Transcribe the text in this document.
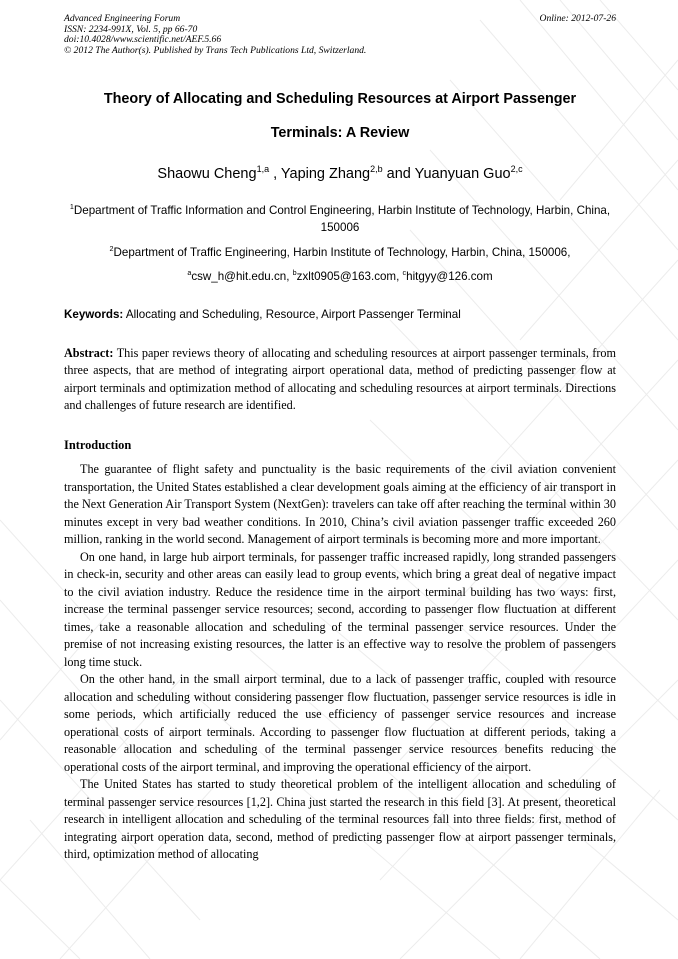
Advanced Engineering Forum
ISSN: 2234-991X, Vol. 5, pp 66-70
doi:10.4028/www.scientific.net/AEF.5.66
© 2012 The Author(s). Published by Trans Tech Publications Ltd, Switzerland.
Online: 2012-07-26
Theory of Allocating and Scheduling Resources at Airport Passenger
Terminals: A Review
Shaowu Cheng$^{1,a}$ , Yaping Zhang$^{2,b}$ and Yuanyuan Guo$^{2,c}$
$^1$Department of Traffic Information and Control Engineering, Harbin Institute of Technology, Harbin, China, 150006
$^2$Department of Traffic Engineering, Harbin Institute of Technology, Harbin, China, 150006,
$^a$csw_h@hit.edu.cn, $^b$zxlt0905@163.com, $^c$hitgyy@126.com
Keywords: Allocating and Scheduling, Resource, Airport Passenger Terminal

Abstract: This paper reviews theory of allocating and scheduling resources at airport passenger terminals, from three aspects, that are method of integrating airport operational data, method of predicting passenger flow at airport terminals and optimization method of allocating and scheduling resources at airport terminals. Directions and challenges of future research are identified.

Introduction

The guarantee of flight safety and punctuality is the basic requirements of the civil aviation convenient transportation, the United States established a clear development goals aiming at the efficiency of air transport in the Next Generation Air Transport System (NextGen): travelers can take off after reaching the terminal within 30 minutes except in very bad weather conditions. In 2010, China’s civil aviation passenger traffic exceeded 260 million, ranking in the world second. Management of airport terminals is becoming more and more important.

On one hand, in large hub airport terminals, for passenger traffic increased rapidly, long stranded passengers in check-in, security and other areas can easily lead to group events, which bring a great deal of negative impact to the civil aviation industry. Reduce the residence time in the airport terminal building has two ways: first, increase the terminal passenger service resources; second, according to passenger flow fluctuation at different times, take a reasonable allocation and scheduling of the terminal passenger service resources. Under the premise of not increasing existing resources, the latter is an effective way to resolve the problem of passengers long time stuck.

On the other hand, in the small airport terminal, due to a lack of passenger traffic, coupled with resource allocation and scheduling without considering passenger flow fluctuation, passenger service resources is idle in some periods, which artificially reduced the use efficiency of passenger service resources and increase operational costs of airport terminals. According to passenger flow fluctuation at different periods, taking a reasonable allocation and scheduling of the terminal passenger service resources benefits reducing the operational costs of the airport terminal, and improving the operational efficiency of the airport.

The United States has started to study theoretical problem of the intelligent allocation and scheduling of terminal passenger service resources [1,2]. China just started the research in this field [3]. At present, theoretical research in intelligent allocation and scheduling of the terminal resources fall into three fields: first, method of integrating airport operation data, second, method of predicting passenger flow at airport passenger terminals, third, optimization method of allocating
